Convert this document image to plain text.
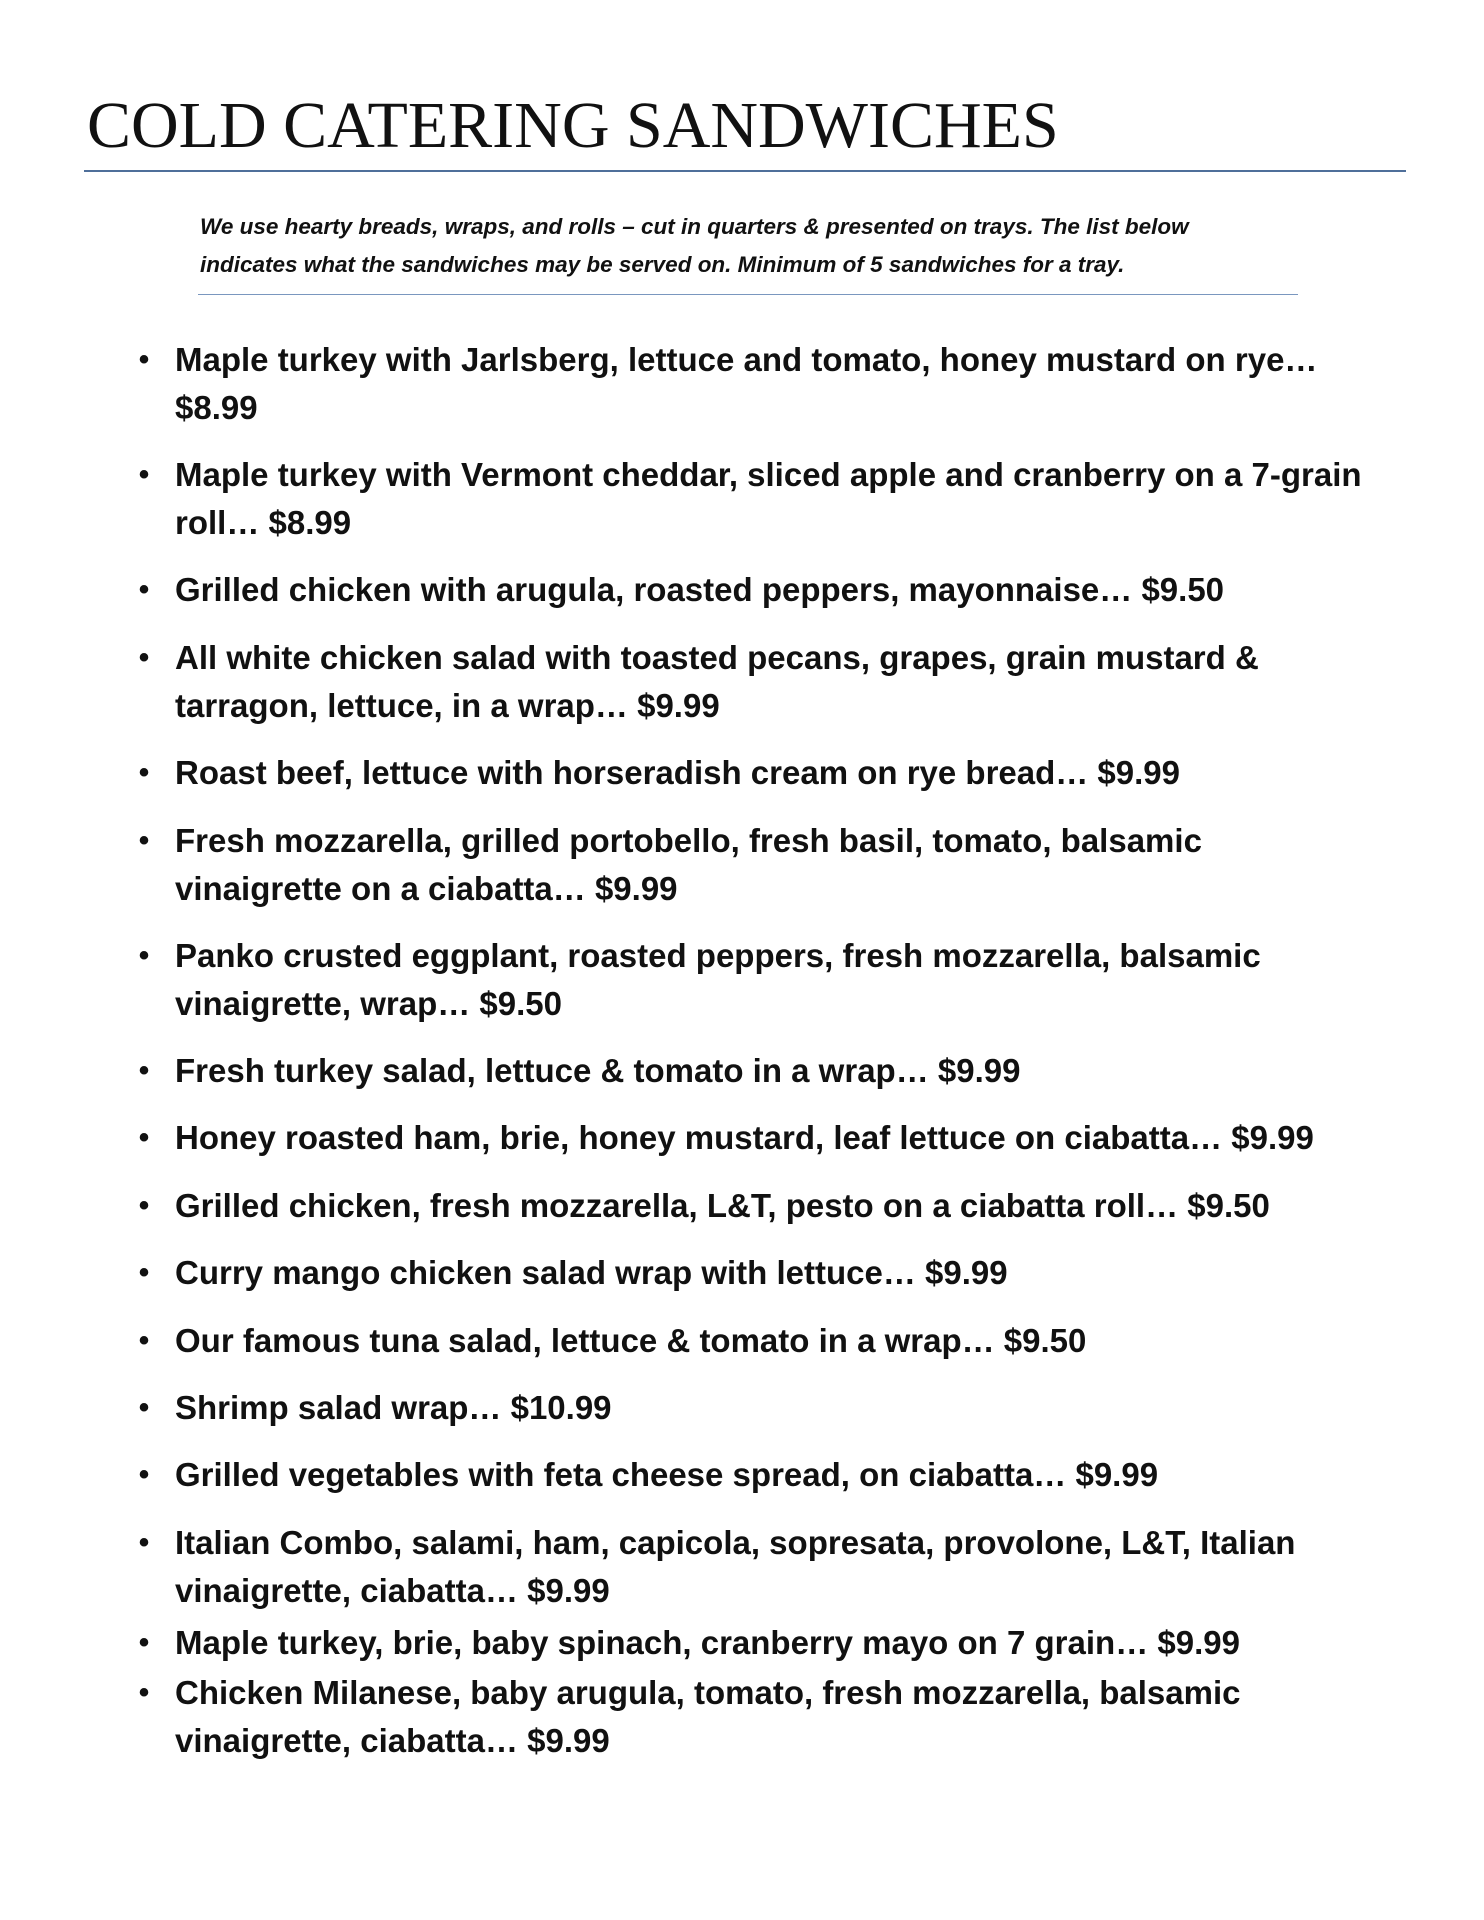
COLD CATERING SANDWICHES

We use hearty breads, wraps, and rolls – cut in quarters & presented on trays. The list below indicates what the sandwiches may be served on. Minimum of 5 sandwiches for a tray.

• Maple turkey with Jarlsberg, lettuce and tomato, honey mustard on rye… $8.99
• Maple turkey with Vermont cheddar, sliced apple and cranberry on a 7-grain roll… $8.99
• Grilled chicken with arugula, roasted peppers, mayonnaise… $9.50
• All white chicken salad with toasted pecans, grapes, grain mustard & tarragon, lettuce, in a wrap… $9.99
• Roast beef, lettuce with horseradish cream on rye bread… $9.99
• Fresh mozzarella, grilled portobello, fresh basil, tomato, balsamic vinaigrette on a ciabatta… $9.99
• Panko crusted eggplant, roasted peppers, fresh mozzarella, balsamic vinaigrette, wrap… $9.50
• Fresh turkey salad, lettuce & tomato in a wrap… $9.99
• Honey roasted ham, brie, honey mustard, leaf lettuce on ciabatta… $9.99
• Grilled chicken, fresh mozzarella, L&T, pesto on a ciabatta roll… $9.50
• Curry mango chicken salad wrap with lettuce… $9.99
• Our famous tuna salad, lettuce & tomato in a wrap… $9.50
• Shrimp salad wrap… $10.99
• Grilled vegetables with feta cheese spread, on ciabatta… $9.99
• Italian Combo, salami, ham, capicola, sopresata, provolone, L&T, Italian vinaigrette, ciabatta… $9.99
• Maple turkey, brie, baby spinach, cranberry mayo on 7 grain… $9.99
• Chicken Milanese, baby arugula, tomato, fresh mozzarella, balsamic vinaigrette, ciabatta… $9.99
